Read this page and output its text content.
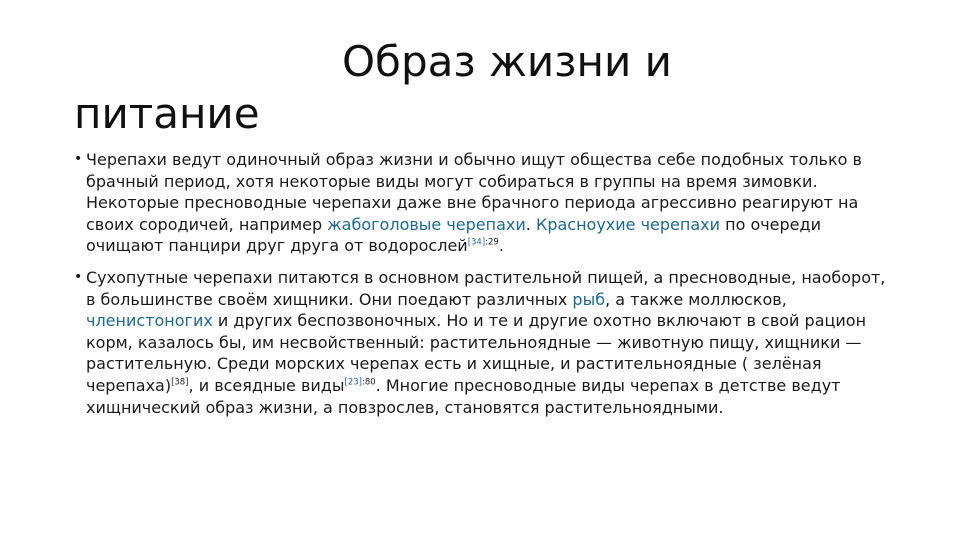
Образ жизни и питание
• Черепахи ведут одиночный образ жизни и обычно ищут общества себе подобных только в брачный период, хотя некоторые виды могут собираться в группы на время зимовки. Некоторые пресноводные черепахи даже вне брачного периода агрессивно реагируют на своих сородичей, например жабоголовые черепахи. Красноухие черепахи по очереди очищают панцири друг друга от водорослей$^{[34]:29}$.
• Сухопутные черепахи питаются в основном растительной пищей, а пресноводные, наоборот, в большинстве своём хищники. Они поедают различных рыб, а также моллюсков, членистоногих и других беспозвоночных. Но и те и другие охотно включают в свой рацион корм, казалось бы, им несвойственный: растительноядные — животную пищу, хищники — растительную. Среди морских черепах есть и хищные, и растительноядные ( зелёная черепаха)[38], и всеядные виды$^{[23]:80}$. Многие пресноводные виды черепах в детстве ведут хищнический образ жизни, а повзрослев, становятся растительноядными.
